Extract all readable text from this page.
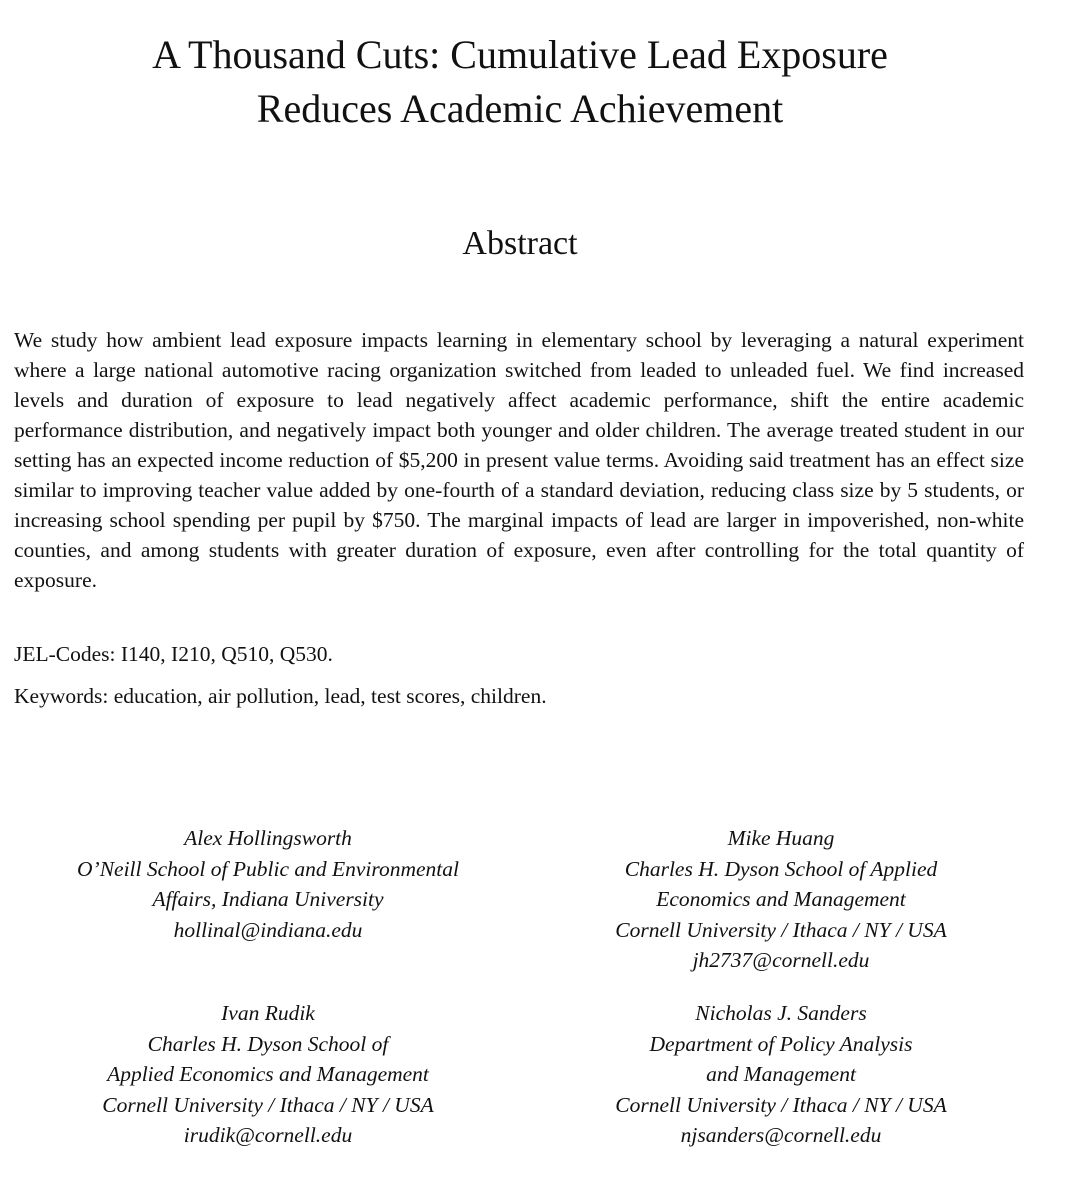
A Thousand Cuts: Cumulative Lead Exposure
Reduces Academic Achievement
Abstract

We study how ambient lead exposure impacts learning in elementary school by leveraging a natural experiment where a large national automotive racing organization switched from leaded to unleaded fuel. We find increased levels and duration of exposure to lead negatively affect academic performance, shift the entire academic performance distribution, and negatively impact both younger and older children. The average treated student in our setting has an expected income reduction of $5,200 in present value terms. Avoiding said treatment has an effect size similar to improving teacher value added by one-fourth of a standard deviation, reducing class size by 5 students, or increasing school spending per pupil by $750. The marginal impacts of lead are larger in impoverished, non-white counties, and among students with greater duration of exposure, even after controlling for the total quantity of exposure.

JEL-Codes: I140, I210, Q510, Q530.

Keywords: education, air pollution, lead, test scores, children.

Alex Hollingsworth
O’Neill School of Public and Environmental
Affairs, Indiana University
hollinal@indiana.edu
Mike Huang
Charles H. Dyson School of Applied
Economics and Management
Cornell University / Ithaca / NY / USA
jh2737@cornell.edu
Ivan Rudik
Charles H. Dyson School of
Applied Economics and Management
Cornell University / Ithaca / NY / USA
irudik@cornell.edu
Nicholas J. Sanders
Department of Policy Analysis
and Management
Cornell University / Ithaca / NY / USA
njsanders@cornell.edu
